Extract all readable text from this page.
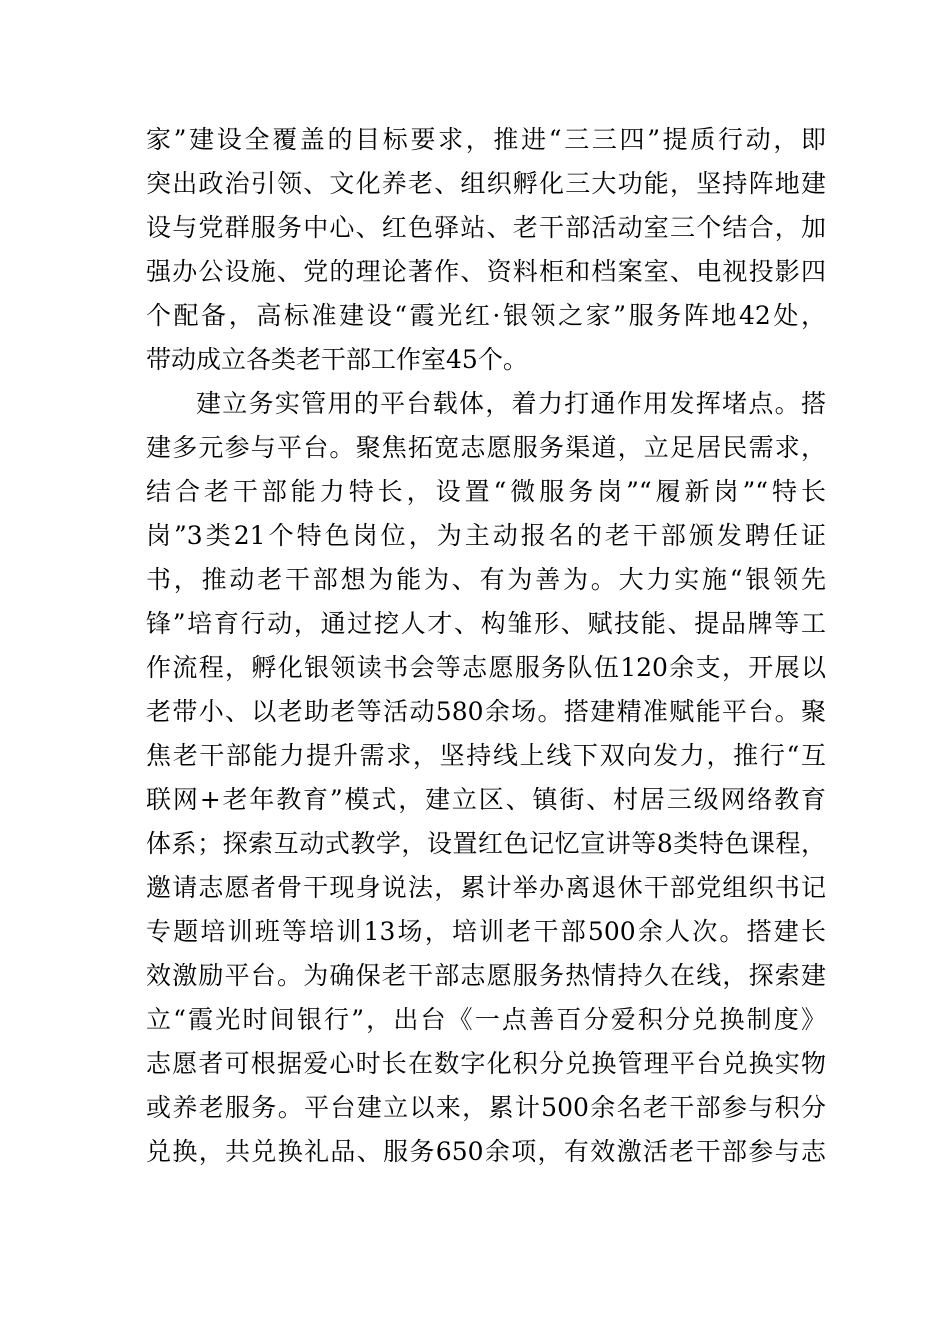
家”建设全覆盖的目标要求，推进“三三四”提质行动，即
突出政治引领、文化养老、组织孵化三大功能，坚持阵地建
设与党群服务中心、红色驿站、老干部活动室三个结合，加
强办公设施、党的理论著作、资料柜和档案室、电视投影四
个配备，高标准建设“霞光红·银领之家”服务阵地42处，
带动成立各类老干部工作室45个。
建立务实管用的平台载体，着力打通作用发挥堵点。搭
建多元参与平台。聚焦拓宽志愿服务渠道，立足居民需求，
结合老干部能力特长，设置“微服务岗”“履新岗”“特长
岗”3类21个特色岗位，为主动报名的老干部颁发聘任证
书，推动老干部想为能为、有为善为。大力实施“银领先
锋”培育行动，通过挖人才、构雏形、赋技能、提品牌等工
作流程，孵化银领读书会等志愿服务队伍120余支，开展以
老带小、以老助老等活动580余场。搭建精准赋能平台。聚
焦老干部能力提升需求，坚持线上线下双向发力，推行“互
联网+老年教育”模式，建立区、镇街、村居三级网络教育
体系；探索互动式教学，设置红色记忆宣讲等8类特色课程，
邀请志愿者骨干现身说法，累计举办离退休干部党组织书记
专题培训班等培训13场，培训老干部500余人次。搭建长
效激励平台。为确保老干部志愿服务热情持久在线，探索建
立“霞光时间银行”，出台《一点善百分爱积分兑换制度》
志愿者可根据爱心时长在数字化积分兑换管理平台兑换实物
或养老服务。平台建立以来，累计500余名老干部参与积分
兑换，共兑换礼品、服务650余项，有效激活老干部参与志
